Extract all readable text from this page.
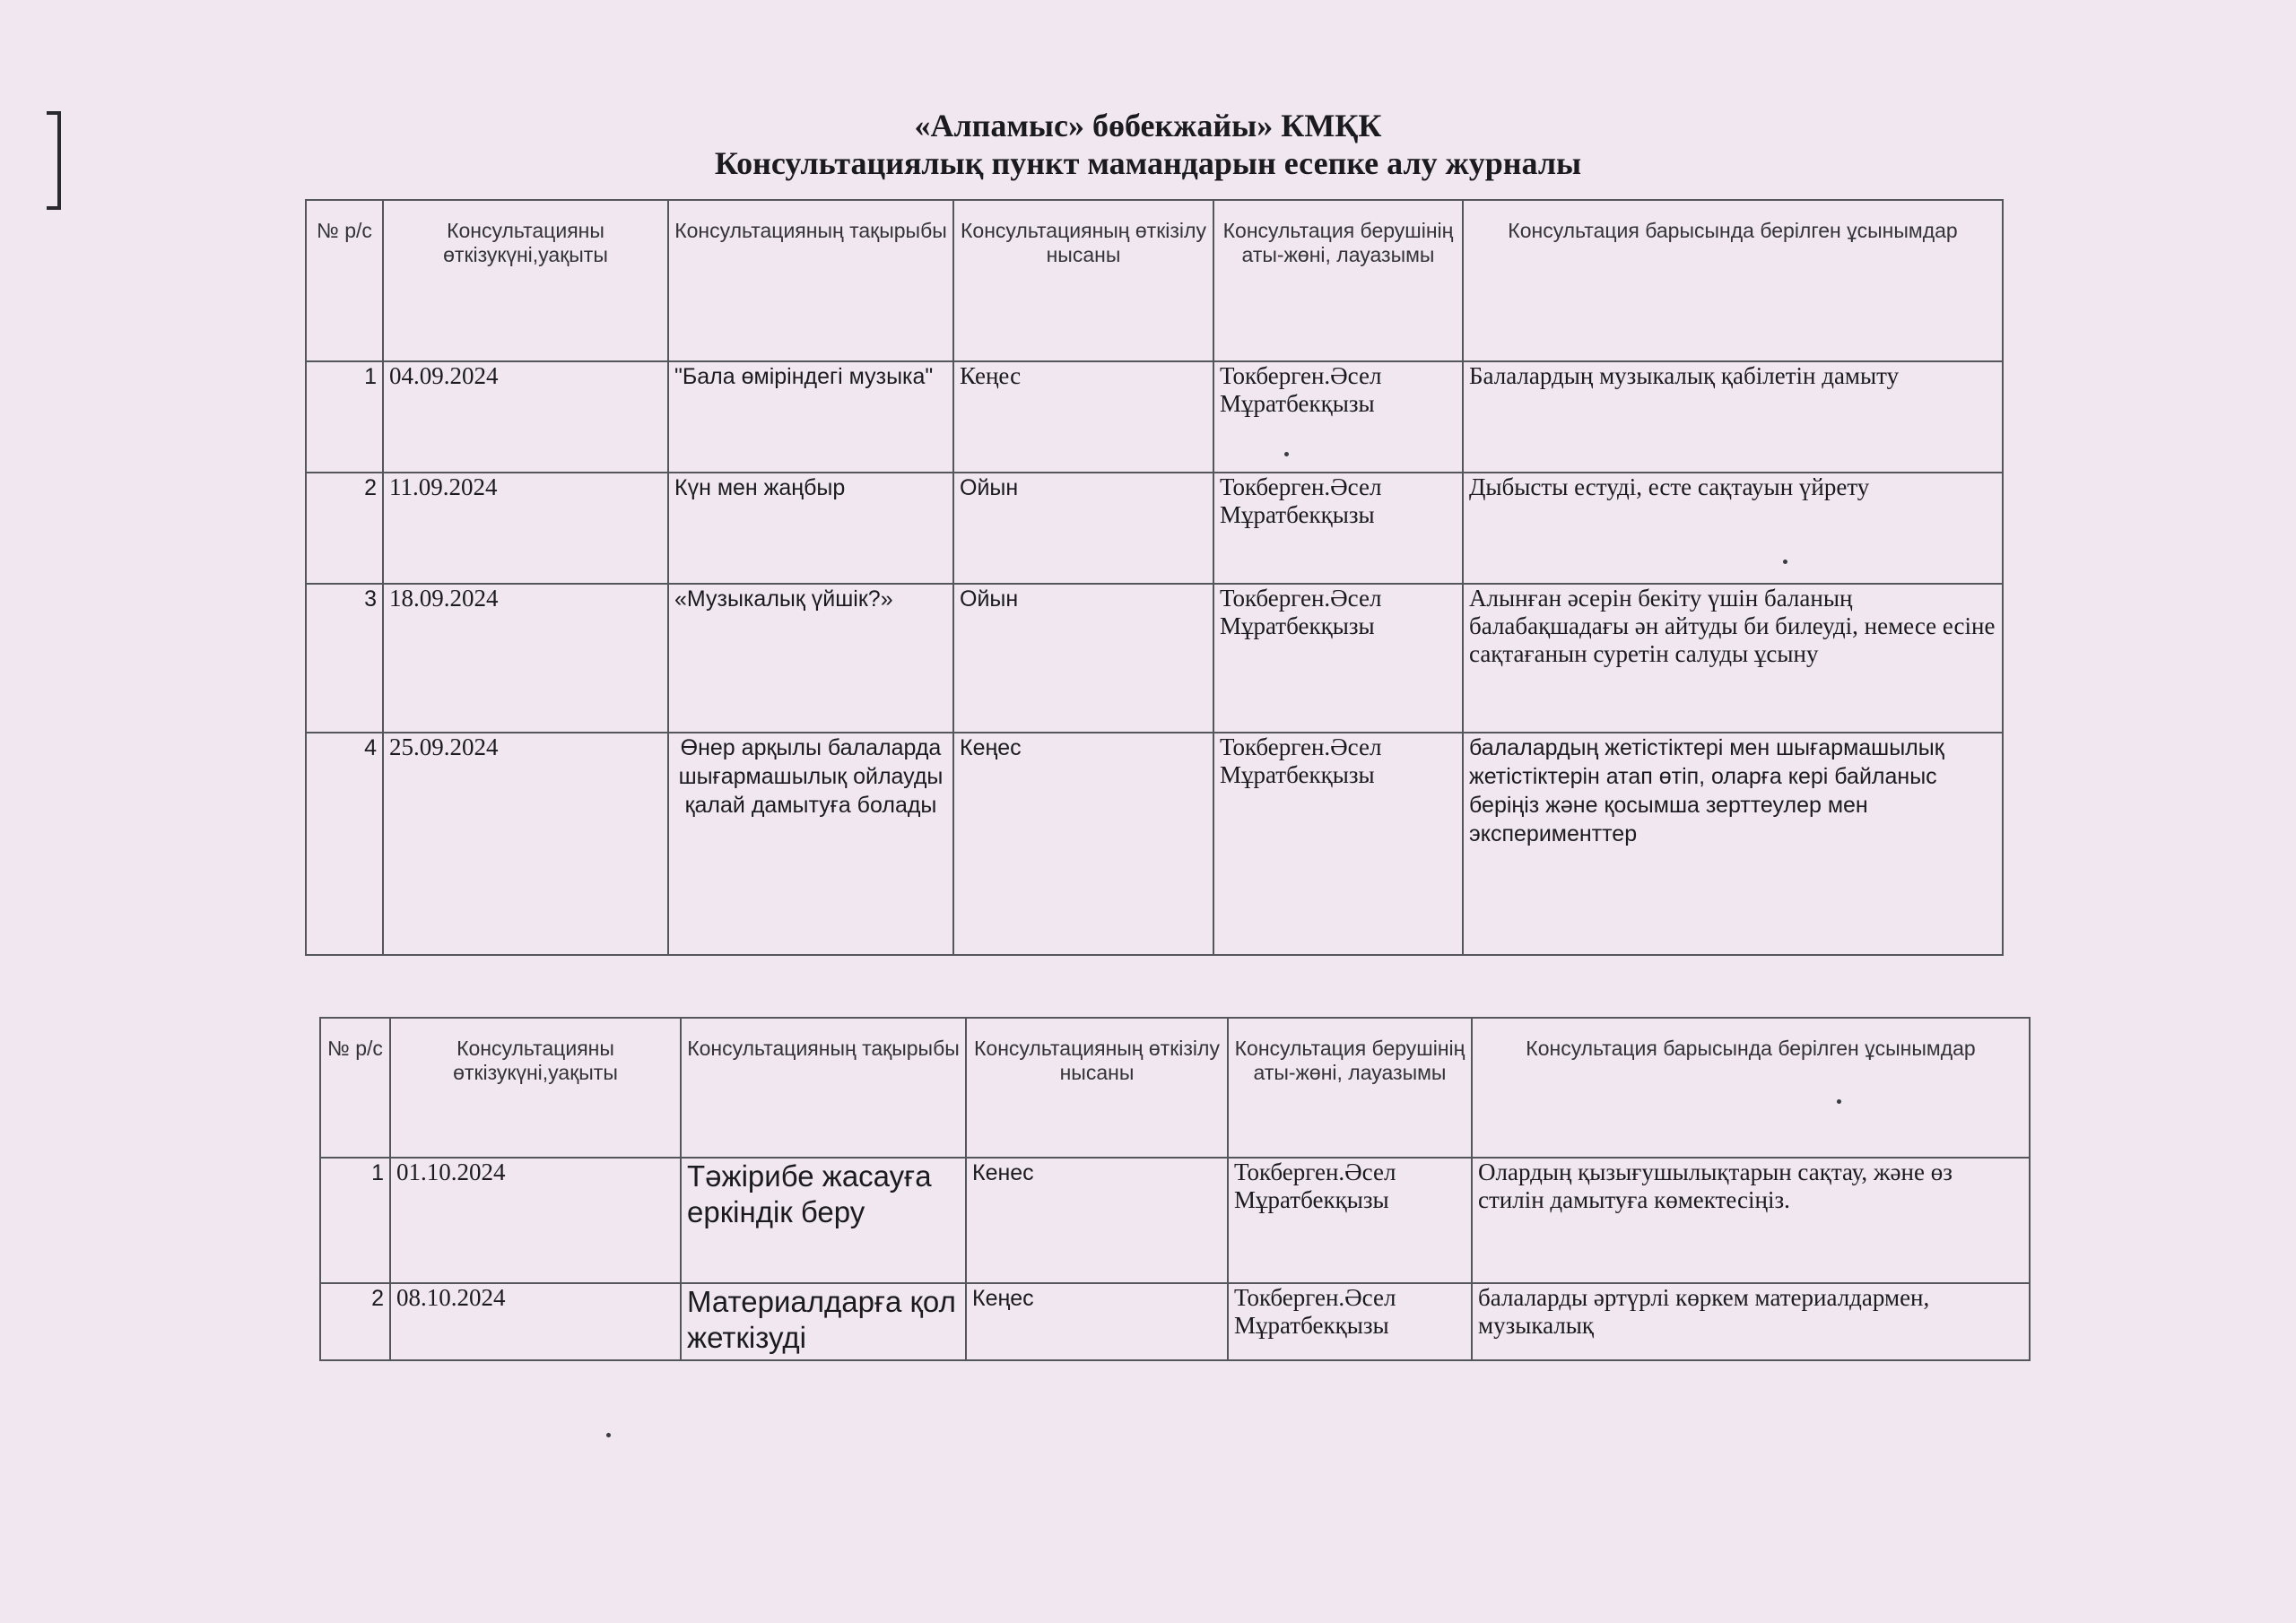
«Алпамыс» бөбекжайы» КМҚК
Консультациялық пункт мамандарын есепке алу журналы
№ р/с	Консультацияны өткізукүні,уақыты	Консультацияның тақырыбы	Консультацияның өткізілу нысаны	Консультация берушінің аты-жөні, лауазымы	Консультация барысында берілген ұсынымдар
1	04.09.2024	"Бала өміріндегі музыка"	Кеңес	Токберген.Әсел Мұратбекқызы	Балалардың музыкалық қабілетін дамыту
2	11.09.2024	Күн мен жаңбыр	Ойын	Токберген.Әсел Мұратбекқызы	Дыбысты естуді, есте сақтауын үйрету
3	18.09.2024	«Музыкалық үйшік?»	Ойын	Токберген.Әсел Мұратбекқызы	Алынған әсерін бекіту үшін баланың балабақшадағы ән айтуды би билеуді, немесе есіне сақтағанын суретін салуды ұсыну
4	25.09.2024	Өнер арқылы балаларда шығармашылық ойлауды қалай дамытуға болады	Кеңес	Токберген.Әсел Мұратбекқызы	балалардың жетістіктері мен шығармашылық жетістіктерін атап өтіп, оларға кері байланыс беріңіз және қосымша зерттеулер мен эксперименттер
№ р/с	Консультацияны өткізукүні,уақыты	Консультацияның тақырыбы	Консультацияның өткізілу нысаны	Консультация берушінің аты-жөні, лауазымы	Консультация барысында берілген ұсынымдар
1	01.10.2024	Тәжірибе жасауға еркіндік беру	Кенес	Токберген.Әсел Мұратбекқызы	Олардың қызығушылықтарын сақтау, және өз стилін дамытуға көмектесіңіз.
2	08.10.2024	Материалдарға қол жеткізуді	Кеңес	Токберген.Әсел Мұратбекқызы	балаларды әртүрлі көркем материалдармен, музыкалық
